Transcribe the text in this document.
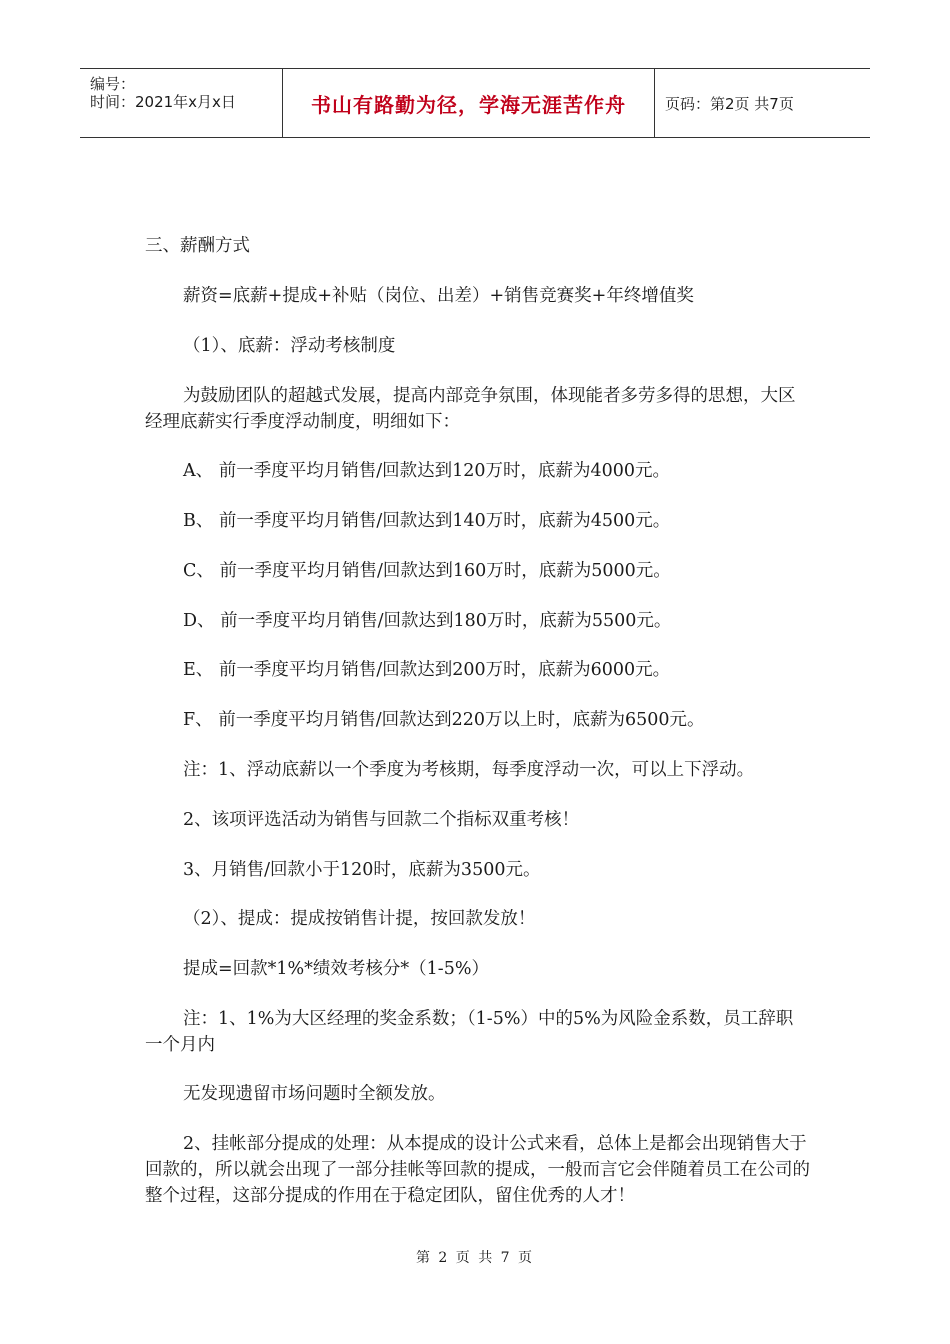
编号：
时间：2021年x月x日	书山有路勤为径，学海无涯苦作舟	页码：第2页 共7页
三、薪酬方式
薪资=底薪+提成+补贴（岗位、出差）+销售竞赛奖+年终增值奖
（1）、底薪：浮动考核制度
为鼓励团队的超越式发展，提高内部竞争氛围，体现能者多劳多得的思想，大区经理底薪实行季度浮动制度，明细如下：
A、 前一季度平均月销售/回款达到120万时，底薪为4000元。
B、 前一季度平均月销售/回款达到140万时，底薪为4500元。
C、 前一季度平均月销售/回款达到160万时，底薪为5000元。
D、 前一季度平均月销售/回款达到180万时，底薪为5500元。
E、 前一季度平均月销售/回款达到200万时，底薪为6000元。
F、 前一季度平均月销售/回款达到220万以上时，底薪为6500元。
注：1、浮动底薪以一个季度为考核期，每季度浮动一次，可以上下浮动。
2、该项评选活动为销售与回款二个指标双重考核！
3、月销售/回款小于120时，底薪为3500元。
（2）、提成：提成按销售计提，按回款发放！
提成=回款*1%*绩效考核分*（1-5%）
注：1、1%为大区经理的奖金系数；（1-5%）中的5%为风险金系数，员工辞职一个月内
无发现遗留市场问题时全额发放。
2、挂帐部分提成的处理：从本提成的设计公式来看，总体上是都会出现销售大于回款的，所以就会出现了一部分挂帐等回款的提成，一般而言它会伴随着员工在公司的整个过程，这部分提成的作用在于稳定团队，留住优秀的人才！
第 2 页 共 7 页
